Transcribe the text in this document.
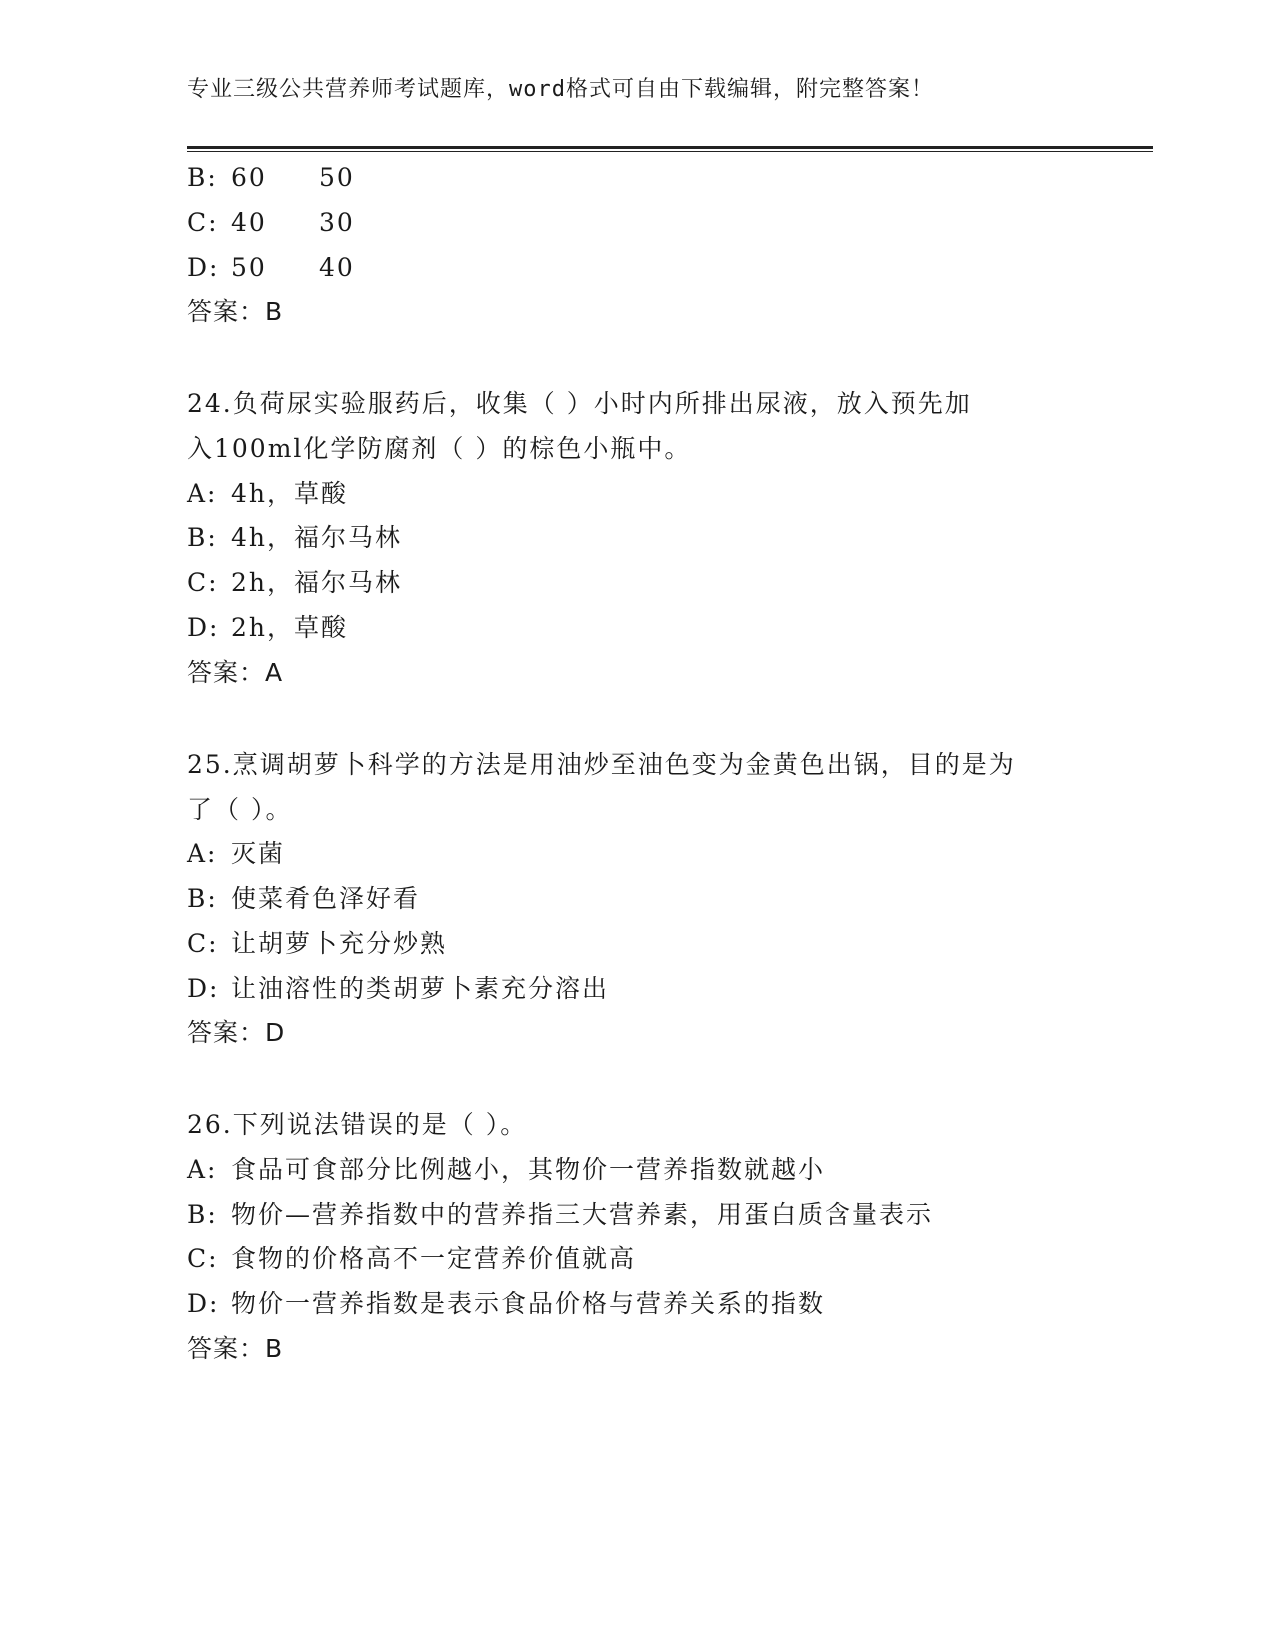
专业三级公共营养师考试题库，word格式可自由下载编辑，附完整答案！
B: 60 50
C: 40 30
D: 50 40
答案：B
24.负荷尿实验服药后，收集（ ）小时内所排出尿液，放入预先加
入100ml化学防腐剂（ ）的棕色小瓶中。
A: 4h，草酸
B: 4h，福尔马林
C: 2h，福尔马林
D: 2h，草酸
答案：A
25.烹调胡萝卜科学的方法是用油炒至油色变为金黄色出锅，目的是为
了（ ）。
A: 灭菌
B: 使菜肴色泽好看
C: 让胡萝卜充分炒熟
D: 让油溶性的类胡萝卜素充分溶出
答案：D
26.下列说法错误的是（ ）。
A: 食品可食部分比例越小，其物价一营养指数就越小
B: 物价—营养指数中的营养指三大营养素，用蛋白质含量表示
C: 食物的价格高不一定营养价值就高
D: 物价一营养指数是表示食品价格与营养关系的指数
答案：B
